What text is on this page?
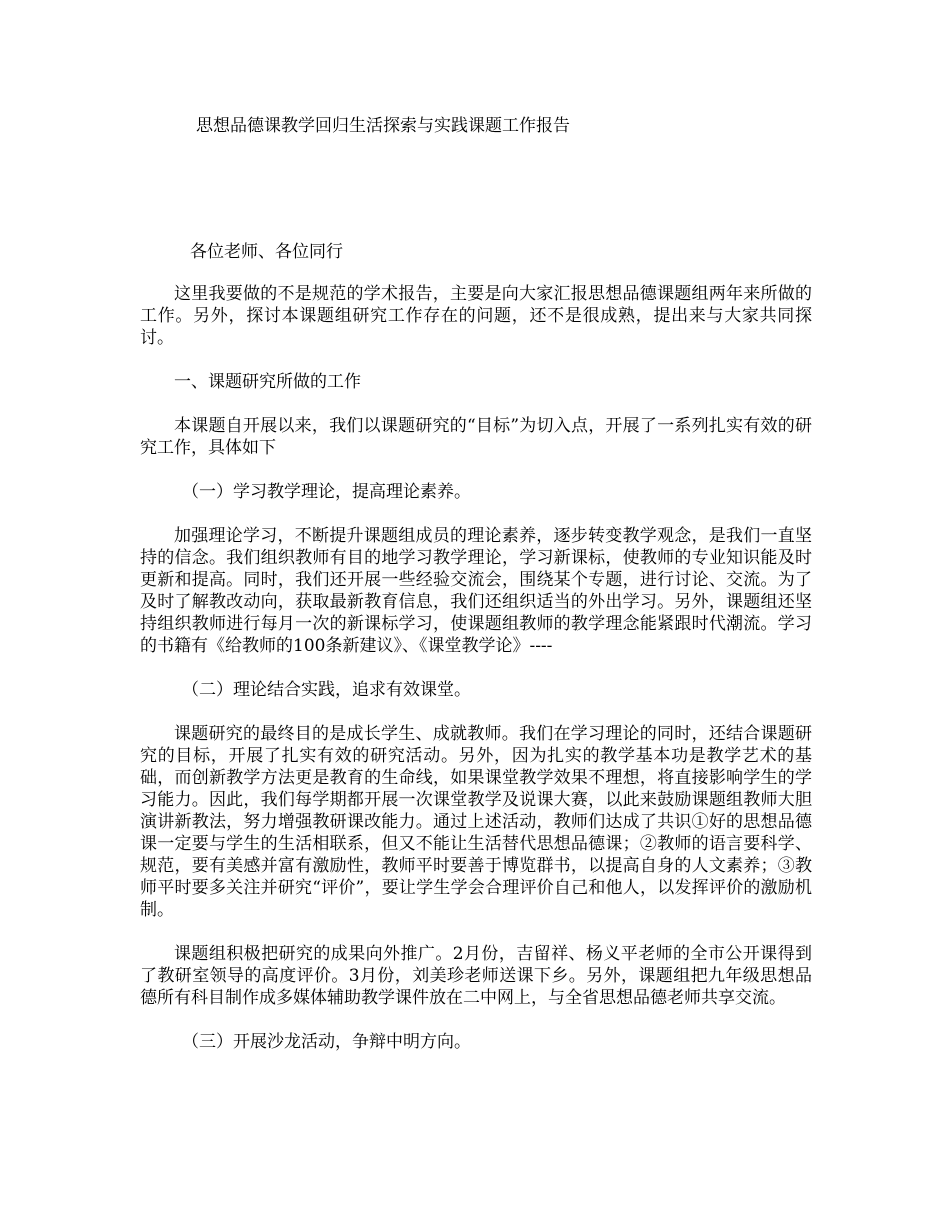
思想品德课教学回归生活探索与实践课题工作报告
各位老师、各位同行

这里我要做的不是规范的学术报告，主要是向大家汇报思想品德课题组两年来所做的工作。另外，探讨本课题组研究工作存在的问题，还不是很成熟，提出来与大家共同探讨。

一、课题研究所做的工作

本课题自开展以来，我们以课题研究的“目标”为切入点，开展了一系列扎实有效的研究工作，具体如下

（一）学习教学理论，提高理论素养。

加强理论学习，不断提升课题组成员的理论素养，逐步转变教学观念，是我们一直坚持的信念。我们组织教师有目的地学习教学理论，学习新课标，使教师的专业知识能及时更新和提高。同时，我们还开展一些经验交流会，围绕某个专题，进行讨论、交流。为了及时了解教改动向，获取最新教育信息，我们还组织适当的外出学习。另外，课题组还坚持组织教师进行每月一次的新课标学习，使课题组教师的教学理念能紧跟时代潮流。学习的书籍有《给教师的100条新建议》、《课堂教学论》----

（二）理论结合实践，追求有效课堂。

课题研究的最终目的是成长学生、成就教师。我们在学习理论的同时，还结合课题研究的目标，开展了扎实有效的研究活动。另外，因为扎实的教学基本功是教学艺术的基础，而创新教学方法更是教育的生命线，如果课堂教学效果不理想，将直接影响学生的学习能力。因此，我们每学期都开展一次课堂教学及说课大赛，以此来鼓励课题组教师大胆演讲新教法，努力增强教研课改能力。通过上述活动，教师们达成了共识①好的思想品德课一定要与学生的生活相联系，但又不能让生活替代思想品德课；②教师的语言要科学、规范，要有美感并富有激励性，教师平时要善于博览群书，以提高自身的人文素养；③教师平时要多关注并研究“评价”，要让学生学会合理评价自己和他人，以发挥评价的激励机制。

课题组积极把研究的成果向外推广。2月份，吉留祥、杨义平老师的全市公开课得到了教研室领导的高度评价。3月份，刘美珍老师送课下乡。另外，课题组把九年级思想品德所有科目制作成多媒体辅助教学课件放在二中网上，与全省思想品德老师共享交流。

（三）开展沙龙活动，争辩中明方向。
